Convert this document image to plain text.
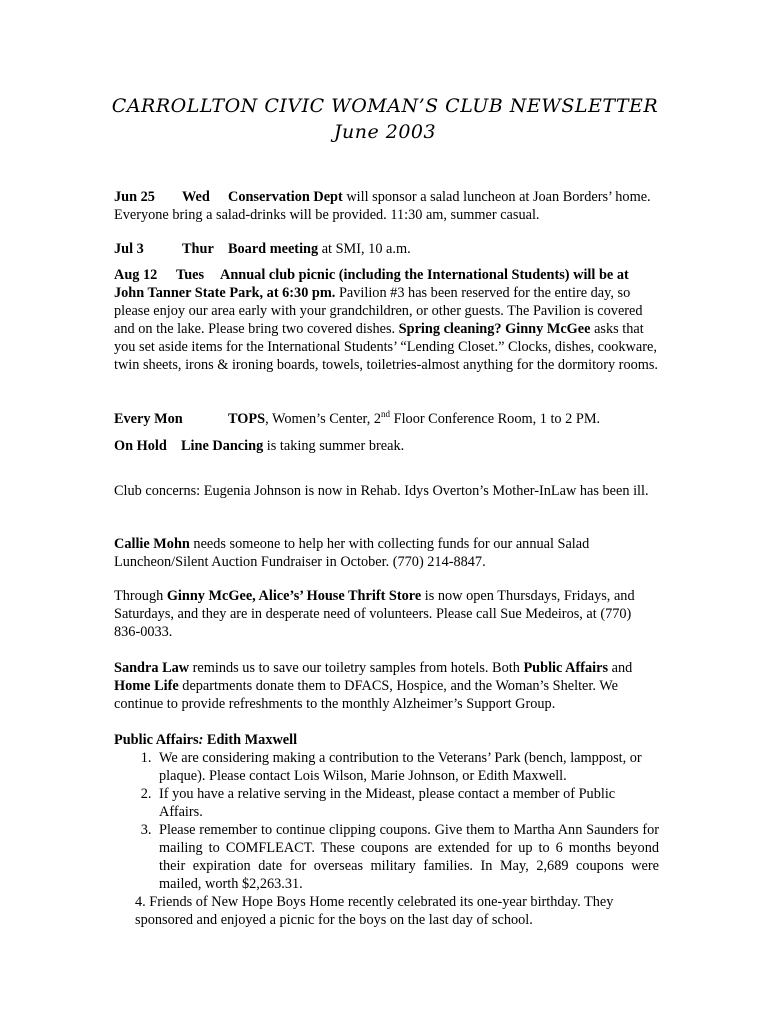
CARROLLTON CIVIC WOMAN’S CLUB NEWSLETTER
June 2003

Jun 25 Wed Conservation Dept will sponsor a salad luncheon at Joan Borders’ home. Everyone bring a salad-drinks will be provided. 11:30 am, summer casual.

Jul 3	Thur Board meeting at SMI, 10 a.m.

Aug 12 Tues Annual club picnic (including the International Students) will be at John Tanner State Park, at 6:30 pm. Pavilion #3 has been reserved for the entire day, so please enjoy our area early with your grandchildren, or other guests. The Pavilion is covered and on the lake. Please bring two covered dishes. Spring cleaning? Ginny McGee asks that you set aside items for the International Students’ “Lending Closet.” Clocks, dishes, cookware, twin sheets, irons & ironing boards, towels, toiletries-almost anything for the dormitory rooms.

Every Mon	TOPS, Women’s Center, 2nd Floor Conference Room, 1 to 2 PM.

On Hold Line Dancing is taking summer break.

Club concerns: Eugenia Johnson is now in Rehab. Idys Overton’s Mother-InLaw has been ill.

Callie Mohn needs someone to help her with collecting funds for our annual Salad Luncheon/Silent Auction Fundraiser in October. (770) 214-8847.

Through Ginny McGee, Alice’s’ House Thrift Store is now open Thursdays, Fridays, and Saturdays, and they are in desperate need of volunteers. Please call Sue Medeiros, at (770) 836-0033.

Sandra Law reminds us to save our toiletry samples from hotels. Both Public Affairs and Home Life departments donate them to DFACS, Hospice, and the Woman’s Shelter. We continue to provide refreshments to the monthly Alzheimer’s Support Group.

Public Affairs: Edith Maxwell

1. We are considering making a contribution to the Veterans’ Park (bench, lamppost, or plaque). Please contact Lois Wilson, Marie Johnson, or Edith Maxwell.
2. If you have a relative serving in the Mideast, please contact a member of Public Affairs.
3. Please remember to continue clipping coupons. Give them to Martha Ann Saunders for mailing to COMFLEACT. These coupons are extended for up to 6 months beyond their expiration date for overseas military families. In May, 2,689 coupons were mailed, worth $2,263.31.

4. Friends of New Hope Boys Home recently celebrated its one-year birthday. They sponsored and enjoyed a picnic for the boys on the last day of school.
